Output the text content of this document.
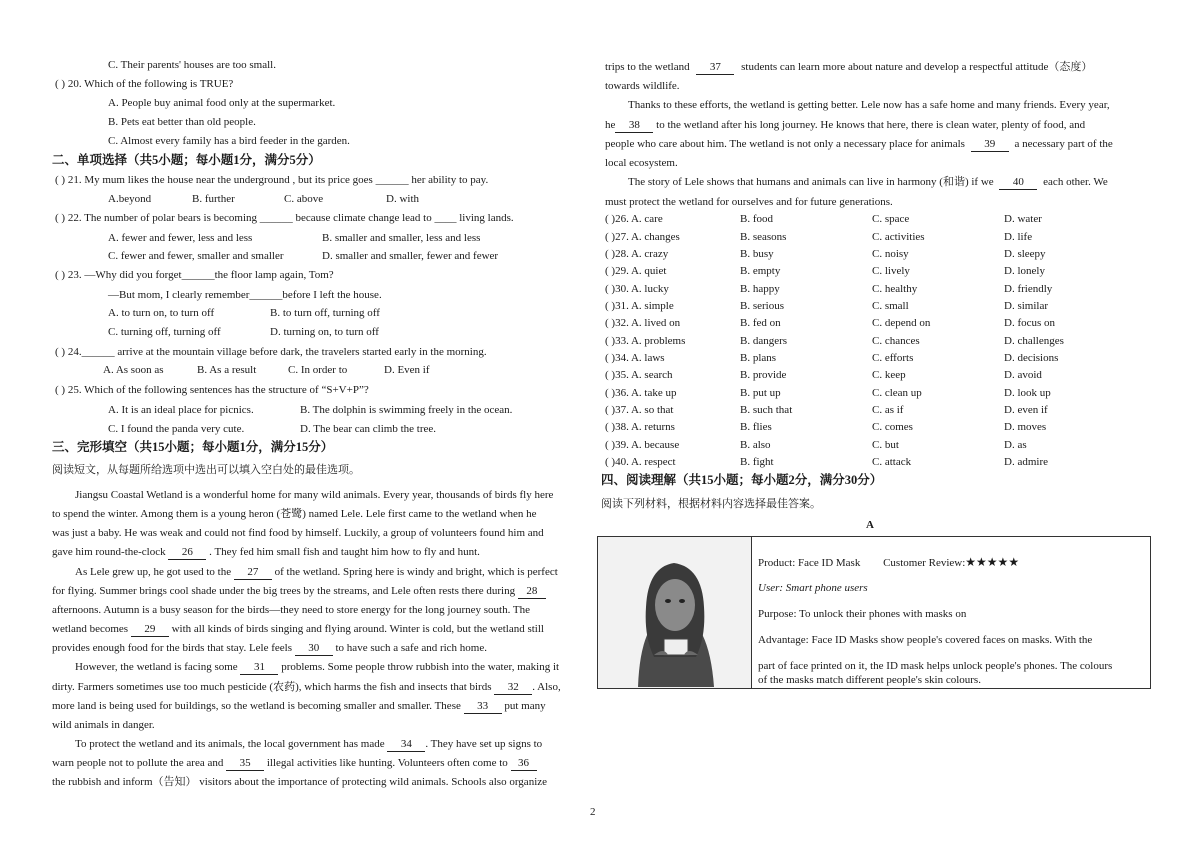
C. Their parents' houses are too small.
( ) 20. Which of the following is TRUE?
A. People buy animal food only at the supermarket.
B. Pets eat better than old people.
C. Almost every family has a bird feeder in the garden.
二、单项选择（共5小题；每小题1分，满分5分）
( ) 21. My mum likes the house near the underground , but its price goes ______ her ability to pay.
A.beyond	B. further	C. above	D. with
( ) 22. The number of polar bears is becoming ______ because climate change lead to ____ living lands.
A. fewer and fewer, less and less	B. smaller and smaller, less and less
C. fewer and fewer, smaller and smaller	D. smaller and smaller, fewer and fewer
( ) 23. —Why did you forget______the floor lamp again, Tom?
—But mom, I clearly remember______before I left the house.
A. to turn on, to turn off	B. to turn off, turning off
C. turning off, turning off	D. turning on, to turn off
( ) 24.______ arrive at the mountain village before dark, the travelers started early in the morning.
A. As soon as	B. As a result	C. In order to	D. Even if
( ) 25. Which of the following sentences has the structure of “S+V+P”?
A. It is an ideal place for picnics.	B. The dolphin is swimming freely in the ocean.
C. I found the panda very cute.	D. The bear can climb the tree.
三、完形填空（共15小题；每小题1分，满分15分）
阅读短文，从每题所给选项中选出可以填入空白处的最佳选项。
Jiangsu Coastal Wetland is a wonderful home for many wild animals. Every year, thousands of birds fly here
to spend the winter. Among them is a young heron (苍鹭) named Lele. Lele first came to the wetland when he
was just a baby. He was weak and could not find food by himself. Luckily, a group of volunteers found him and
gave him round-the-clock 26 . They fed him small fish and taught him how to fly and hunt.
As Lele grew up, he got used to the 27 of the wetland. Spring here is windy and bright, which is perfect
for flying. Summer brings cool shade under the big trees by the streams, and Lele often rests there during 28
afternoons. Autumn is a busy season for the birds—they need to store energy for the long journey south. The
wetland becomes 29 with all kinds of birds singing and flying around. Winter is cold, but the wetland still
provides enough food for the birds that stay. Lele feels 30 to have such a safe and rich home.
However, the wetland is facing some 31 problems. Some people throw rubbish into the water, making it
dirty. Farmers sometimes use too much pesticide (农药), which harms the fish and insects that birds 32 . Also,
more land is being used for buildings, so the wetland is becoming smaller and smaller. These 33 put many
wild animals in danger.
To protect the wetland and its animals, the local government has made 34 . They have set up signs to
warn people not to pollute the area and 35 illegal activities like hunting. Volunteers often come to 36
the rubbish and inform（告知） visitors about the importance of protecting wild animals. Schools also organize
trips to the wetland 37 students can learn more about nature and develop a respectful attitude（态度）
towards wildlife.
Thanks to these efforts, the wetland is getting better. Lele now has a safe home and many friends. Every year,
he 38 to the wetland after his long journey. He knows that here, there is clean water, plenty of food, and
people who care about him. The wetland is not only a necessary place for animals 39 a necessary part of the
local ecosystem.
The story of Lele shows that humans and animals can live in harmony (和谐) if we 40 each other. We
must protect the wetland for ourselves and for future generations.
( )26. A. care	B. food	C. space	D. water
( )27. A. changes	B. seasons	C. activities	D. life
( )28. A. crazy	B. busy	C. noisy	D. sleepy
( )29. A. quiet	B. empty	C. lively	D. lonely
( )30. A. lucky	B. happy	C. healthy	D. friendly
( )31. A. simple	B. serious	C. small	D. similar
( )32. A. lived on	B. fed on	C. depend on	D. focus on
( )33. A. problems	B. dangers	C. chances	D. challenges
( )34. A. laws	B. plans	C. efforts	D. decisions
( )35. A. search	B. provide	C. keep	D. avoid
( )36. A. take up	B. put up	C. clean up	D. look up
( )37. A. so that	B. such that	C. as if	D. even if
( )38. A. returns	B. flies	C. comes	D. moves
( )39. A. because	B. also	C. but	D. as
( )40. A. respect	B. fight	C. attack	D. admire
四、阅读理解（共15小题；每小题2分，满分30分）
阅读下列材料，根据材料内容选择最佳答案。
A
Product: Face ID Mask Customer Review:★★★★★
User: Smart phone users
Purpose: To unlock their phones with masks on
Advantage: Face ID Masks show people's covered faces on masks. With the
part of face printed on it, the ID mask helps unlock people's phones. The colours
of the masks match different people's skin colours.
2
